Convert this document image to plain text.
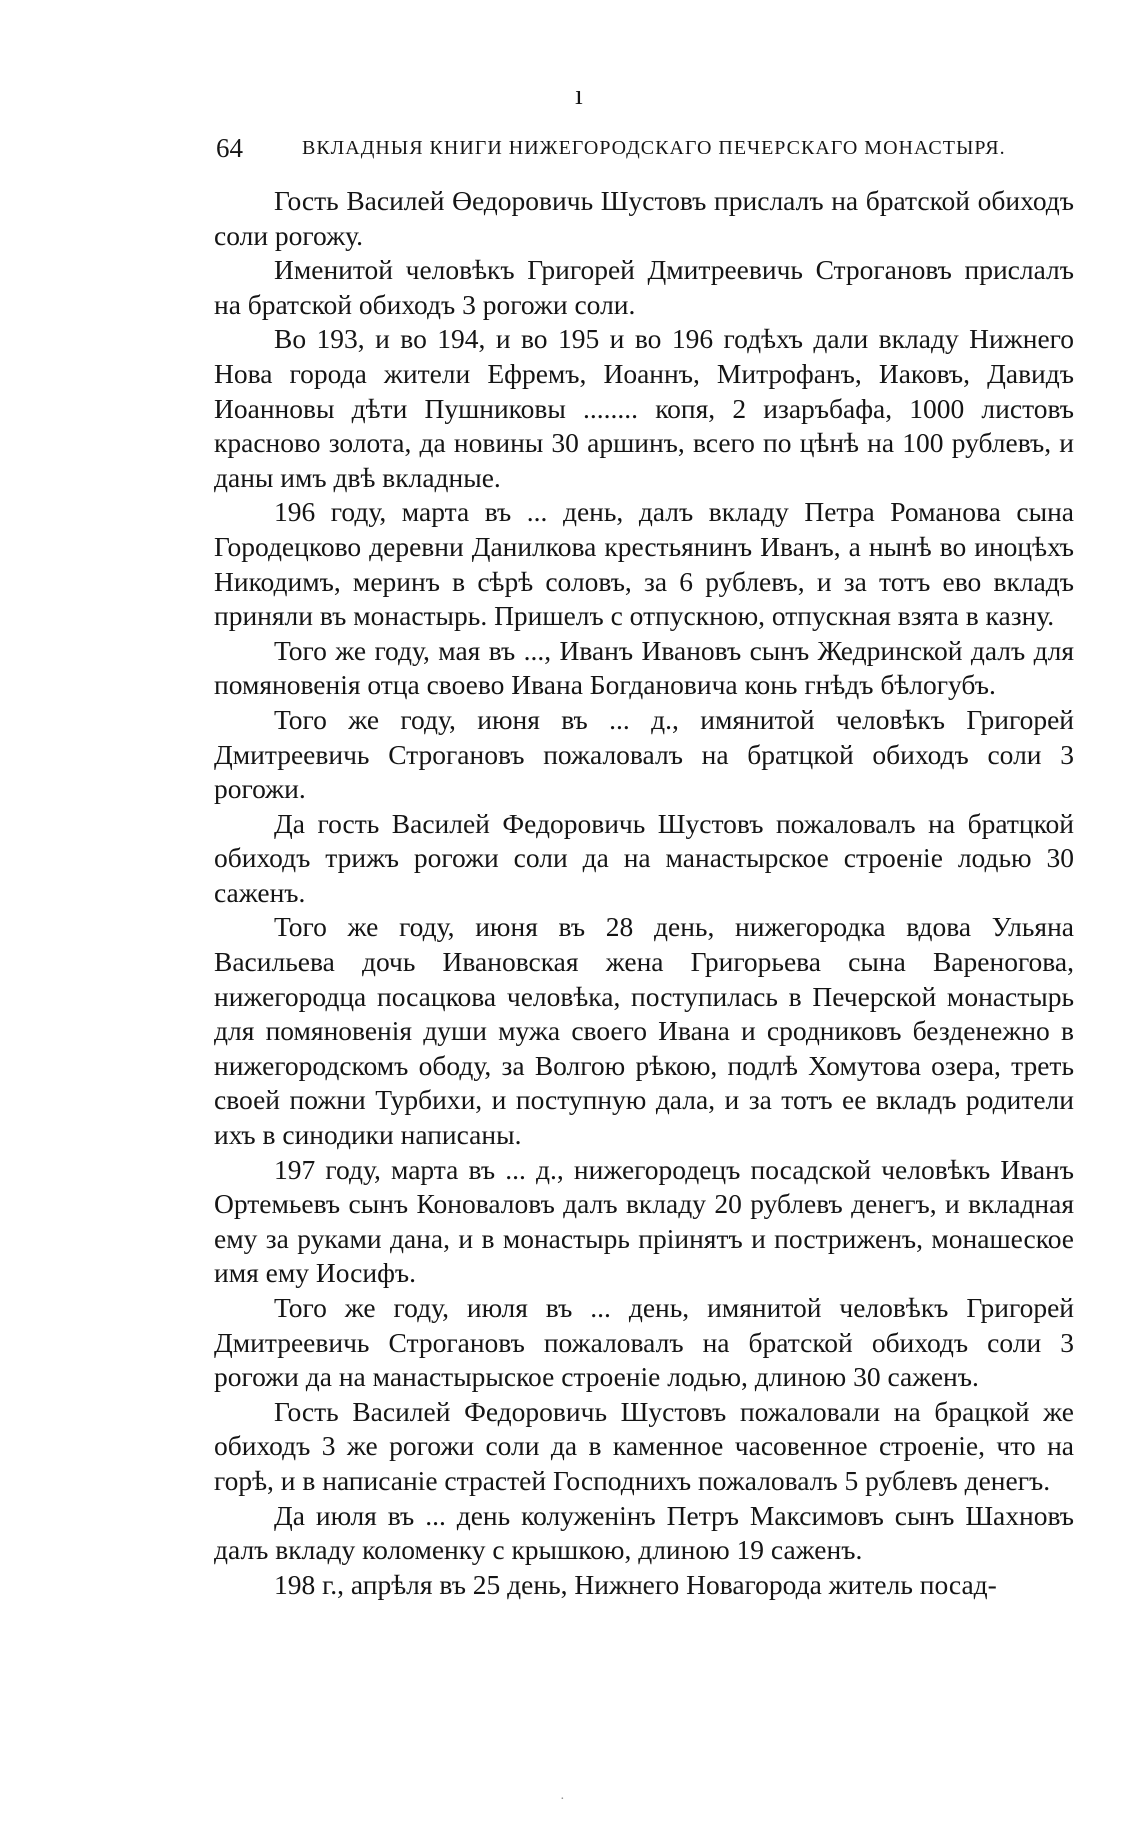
ı
64	ВКЛАДНЫЯ КНИГИ НИЖЕГОРОДСКАГО ПЕЧЕРСКАГО МОНАСТЫРЯ.

Гость Василей Өедоровичь Шустовъ прислалъ на братской обиходъ соли рогожу.

Именитой человѣкъ Григорей Дмитреевичь Строгановъ прислалъ на братской обиходъ 3 рогожи соли.

Во 193, и во 194, и во 195 и во 196 годѣхъ дали вкладу Нижнего Нова города жители Ефремъ, Иоаннъ, Митрофанъ, Иаковъ, Давидъ Иоанновы дѣти Пушниковы ........ копя, 2 изаръбафа, 1000 листовъ красново золота, да новины 30 аршинъ, всего по цѣнѣ на 100 рублевъ, и даны имъ двѣ вкладные.

196 году, марта въ ... день, далъ вкладу Петра Романова сына Городецково деревни Данилкова крестьянинъ Иванъ, а нынѣ во иноцѣхъ Никодимъ, меринъ в сѣрѣ соловъ, за 6 рублевъ, и за тотъ ево вкладъ приняли въ монастырь. Пришелъ с отпускною, отпускная взята в казну.

Того же году, мая въ ..., Иванъ Ивановъ сынъ Жедринской далъ для помяновенія отца своево Ивана Богдановича конь гнѣдъ бѣлогубъ.

Того же году, июня въ ... д., имянитой человѣкъ Григорей Дмитреевичь Строгановъ пожаловалъ на братцкой обиходъ соли 3 рогожи.

Да гость Василей Федоровичь Шустовъ пожаловалъ на братцкой обиходъ трижъ рогожи соли да на манастырское строеніе лодью 30 саженъ.

Того же году, июня въ 28 день, нижегородка вдова Ульяна Васильева дочь Ивановская жена Григорьева сына Вареногова, нижегородца посацкова человѣка, поступилась в Печерской монастырь для помяновенія души мужа своего Ивана и сродниковъ безденежно в нижегородскомъ ободу, за Волгою рѣкою, подлѣ Хомутова озера, треть своей пожни Турбихи, и поступную дала, и за тотъ ее вкладъ родители ихъ в синодики написаны.

197 году, марта въ ... д., нижегородецъ посадской человѣкъ Иванъ Ортемьевъ сынъ Коноваловъ далъ вкладу 20 рублевъ денегъ, и вкладная ему за руками дана, и в монастырь пріинятъ и постриженъ, монашеское имя ему Иосифъ.

Того же году, июля въ ... день, имянитой человѣкъ Григорей Дмитреевичь Строгановъ пожаловалъ на братской обиходъ соли 3 рогожи да на манастырыское строеніе лодью, длиною 30 саженъ.

Гость Василей Федоровичь Шустовъ пожаловали на брацкой же обиходъ 3 же рогожи соли да в каменное часовенное строеніе, что на горѣ, и в написаніе страстей Господнихъ пожаловалъ 5 рублевъ денегъ.

Да июля въ ... день колуженінъ Петръ Максимовъ сынъ Шахновъ далъ вкладу коломенку с крышкою, длиною 19 саженъ.

198 г., апрѣля въ 25 день, Нижнего Новагорода житель посад-

·
